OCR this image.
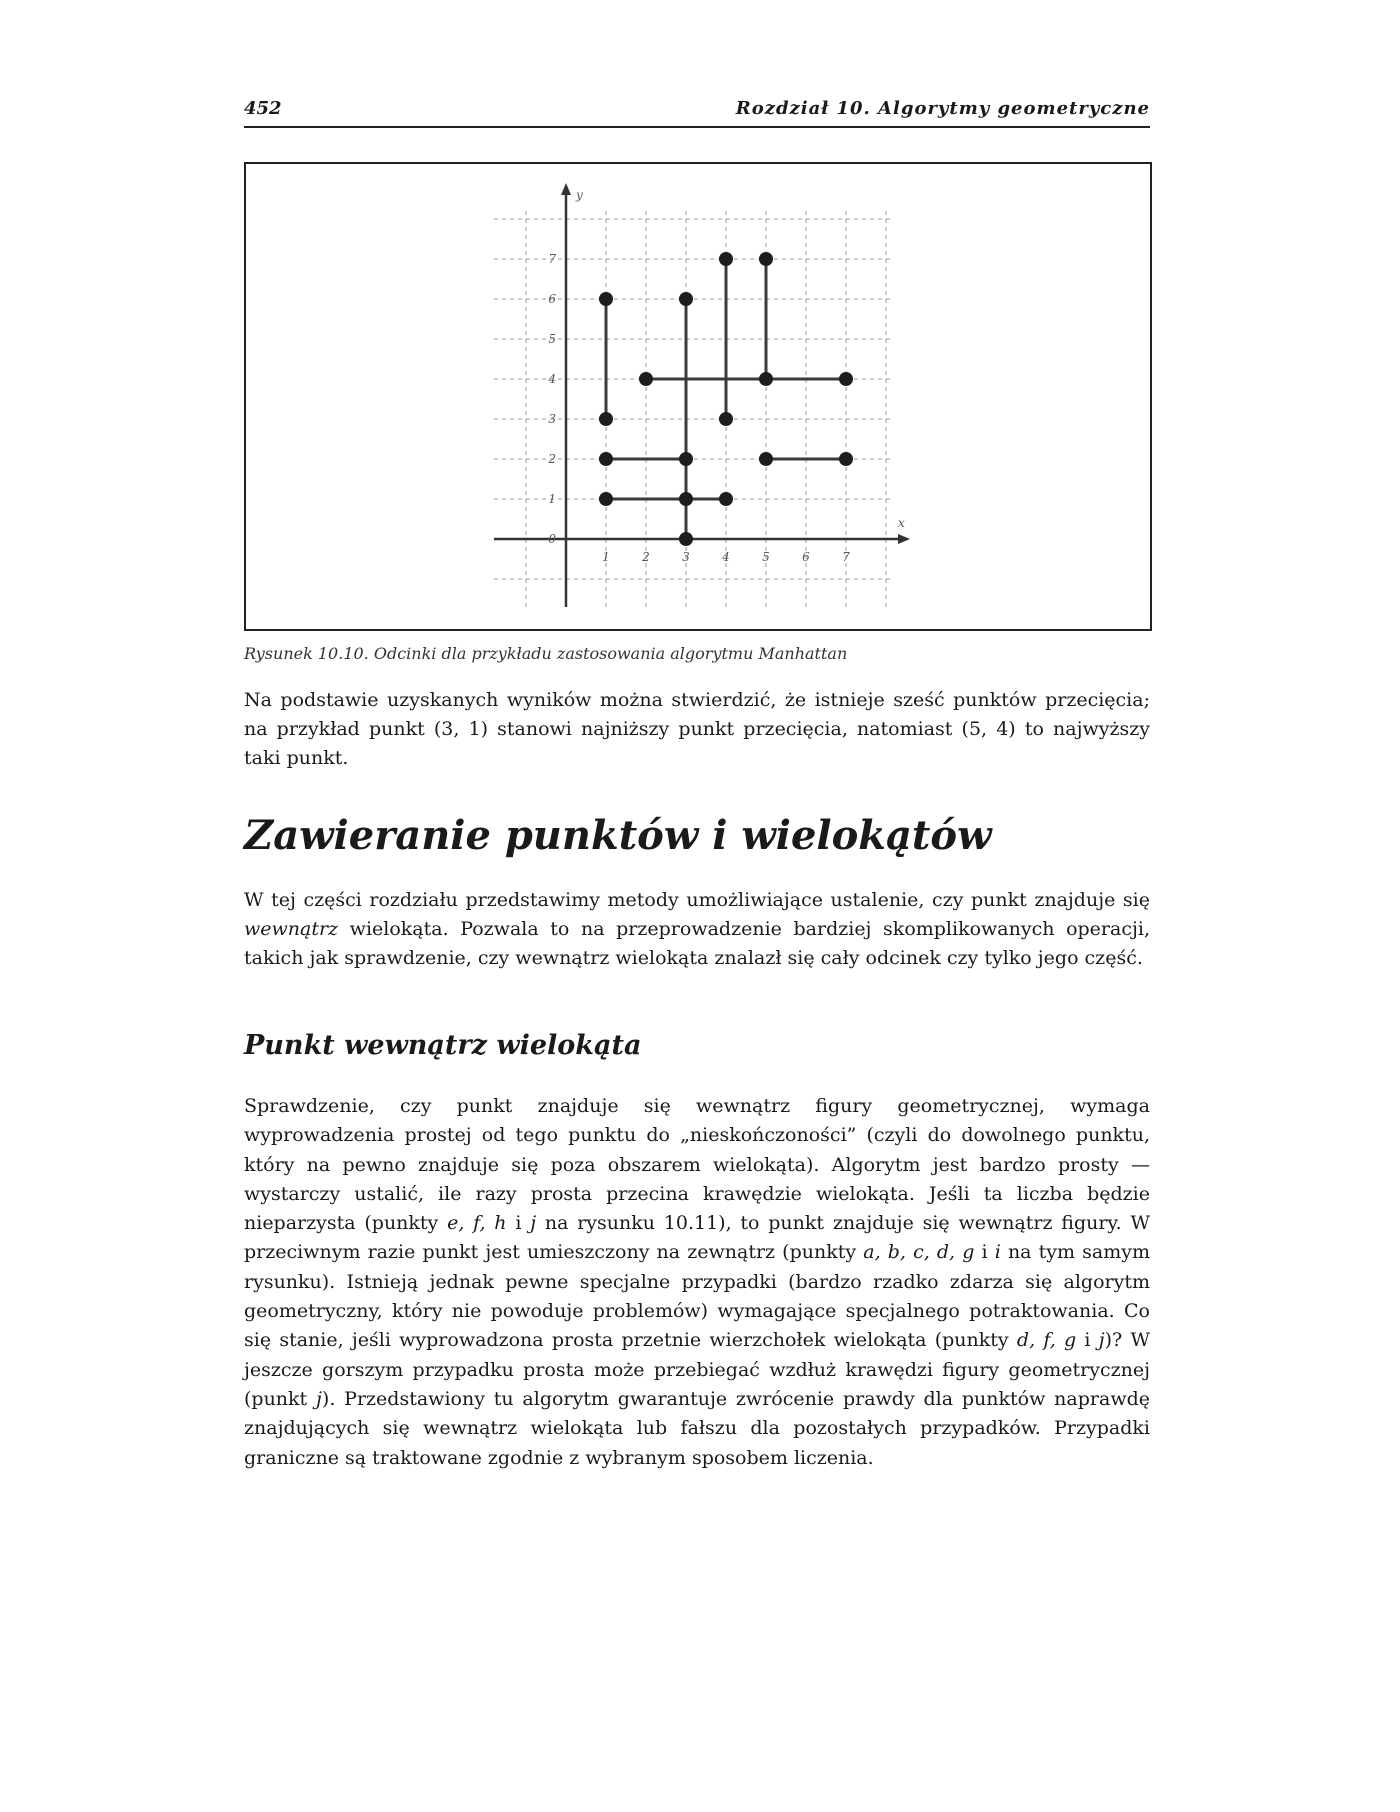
452	Rozdział 10. Algorytmy geometryczne
1	2	3	4	5	6	7
0
1
2
3
4
5
6
7
x
y
Rysunek 10.10. Odcinki dla przykładu zastosowania algorytmu Manhattan

Na podstawie uzyskanych wyników można stwierdzić, że istnieje sześć punktów przecięcia; na przykład punkt (3, 1) stanowi najniższy punkt przecięcia, natomiast (5, 4) to najwyższy taki punkt.

Zawieranie punktów i wielokątów

W tej części rozdziału przedstawimy metody umożliwiające ustalenie, czy punkt znajduje się wewnątrz wielokąta. Pozwala to na przeprowadzenie bardziej skomplikowanych operacji, takich jak sprawdzenie, czy wewnątrz wielokąta znalazł się cały odcinek czy tylko jego część.

Punkt wewnątrz wielokąta

Sprawdzenie, czy punkt znajduje się wewnątrz figury geometrycznej, wymaga wyprowadzenia prostej od tego punktu do „nieskończoności” (czyli do dowolnego punktu, który na pewno znajduje się poza obszarem wielokąta). Algorytm jest bardzo prosty — wystarczy ustalić, ile razy prosta przecina krawędzie wielokąta. Jeśli ta liczba będzie nieparzysta (punkty e, f, h i j na rysunku 10.11), to punkt znajduje się wewnątrz figury. W przeciwnym razie punkt jest umieszczony na zewnątrz (punkty a, b, c, d, g i i na tym samym rysunku). Istnieją jednak pewne specjalne przypadki (bardzo rzadko zdarza się algorytm geometryczny, który nie powoduje problemów) wymagające specjalnego potraktowania. Co się stanie, jeśli wyprowadzona prosta przetnie wierzchołek wielokąta (punkty d, f, g i j)? W jeszcze gorszym przypadku prosta może przebiegać wzdłuż krawędzi figury geometrycznej (punkt j). Przedstawiony tu algorytm gwarantuje zwrócenie prawdy dla punktów naprawdę znajdujących się wewnątrz wielokąta lub fałszu dla pozostałych przypadków. Przypadki graniczne są traktowane zgodnie z wybranym sposobem liczenia.
